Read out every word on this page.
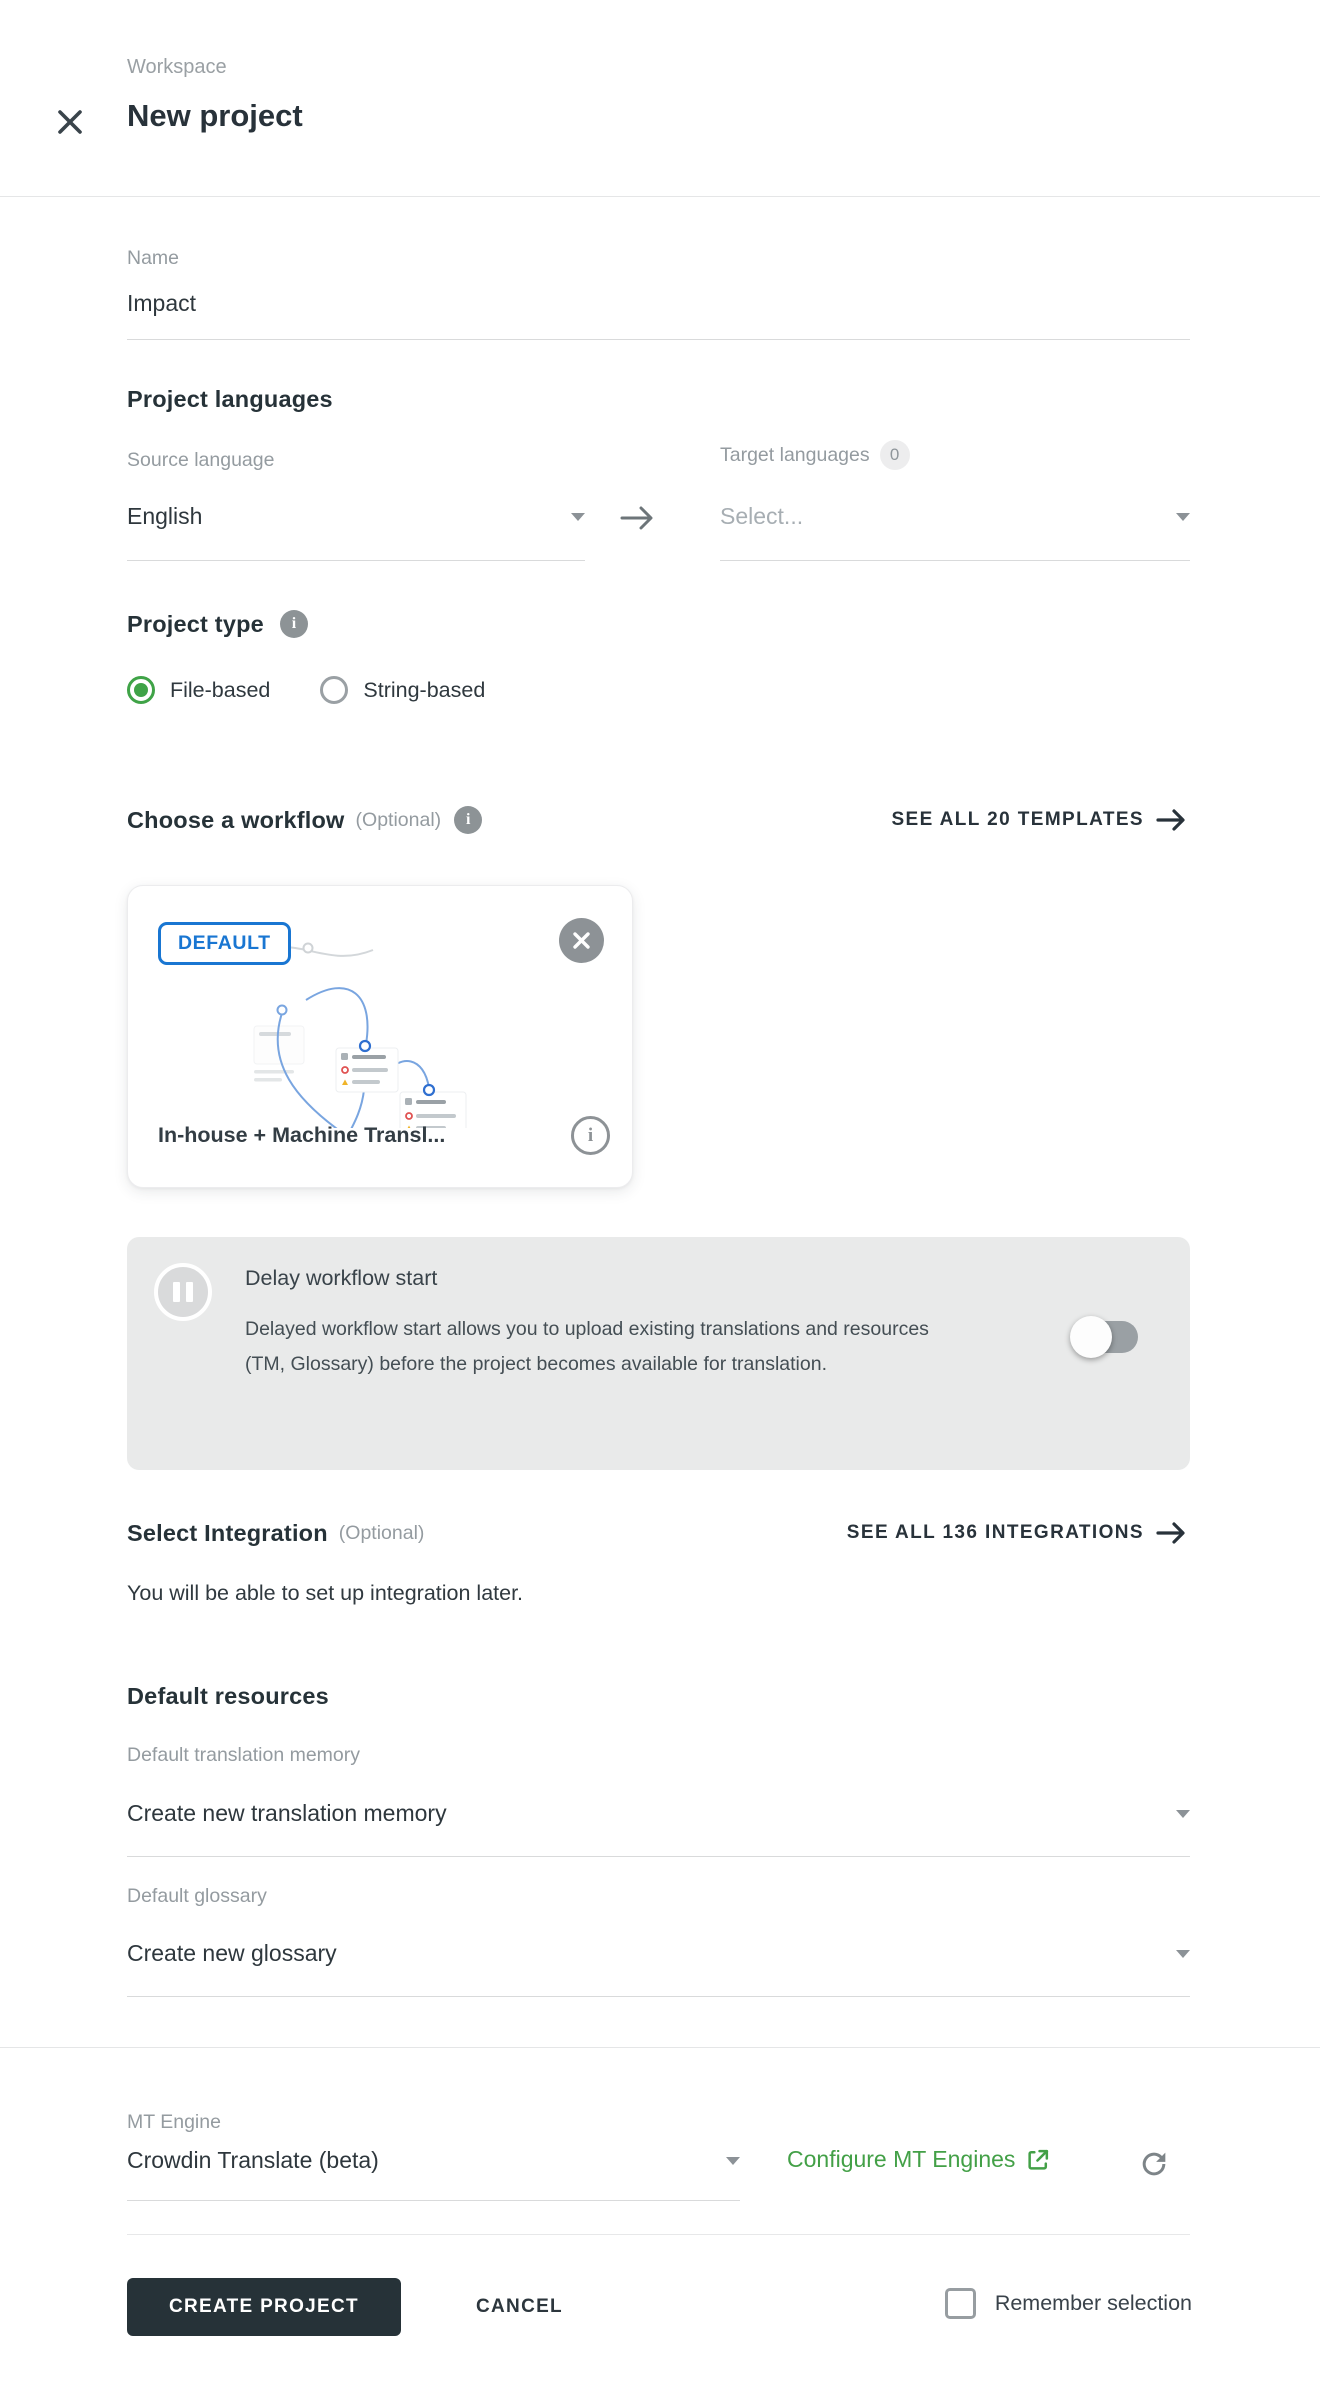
Workspace
New project
Name
Impact
Project languages
Source language
English
Target languages	0
Select...
Project type	i
File-based	String-based
Choose a workflow (Optional)	i	SEE ALL 20 TEMPLATES
DEFAULT
In-house + Machine Transl...	i
Delay workflow start
Delayed workflow start allows you to upload existing translations and resources (TM, Glossary) before the project becomes available for translation.
Select Integration (Optional)	SEE ALL 136 INTEGRATIONS
You will be able to set up integration later.
Default resources
Default translation memory
Create new translation memory
Default glossary
Create new glossary
MT Engine
Crowdin Translate (beta)	Configure MT Engines
CREATE PROJECT	CANCEL	Remember selection
